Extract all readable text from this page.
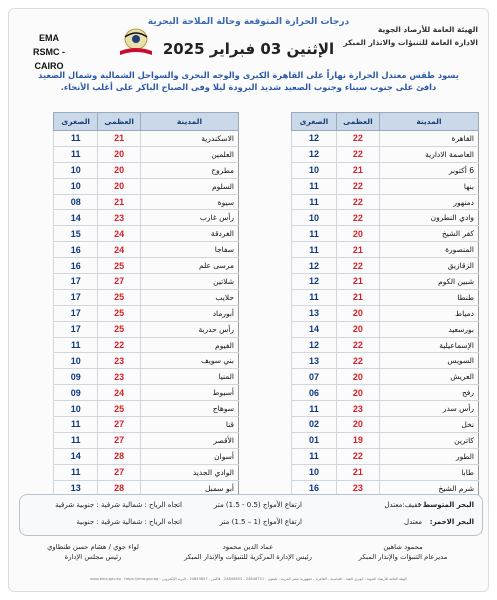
درجات الحرارة المتوقعة وحالة الملاحة البحرية
الإثنين 03 فبراير 2025
EMA
RSMC - CAIRO
الهيئة العامة للأرصاد الجوية
الادارة العامة للتنبؤات والانذار المبكر
يسود طقس معتدل الحرارة نهاراً على القاهرة الكبرى والوجه البحرى والسواحل الشمالية وشمال الصعيد
دافئ على جنوب سيناء وجنوب الصعيد شديد البرودة ليلا وفى الصباح الباكر على أغلب الأنحاء.
المدينة	العظمى	الصغرى
القاهرة	22	12
العاصمة الادارية	22	12
6 أكتوبر	21	10
بنها	22	11
دمنهور	22	11
وادي النطرون	22	10
كفر الشيخ	20	11
المنصورة	21	11
الزقازيق	22	12
شبين الكوم	21	12
طنطا	21	11
دمياط	20	13
بورسعيد	20	14
الإسماعيلية	22	12
السويس	22	13
العريش	20	07
رفح	20	06
رأس سدر	23	11
نخل	20	02
كاترين	19	01
الطور	22	11
طابا	21	10
شرم الشيخ	23	16
المدينة	العظمى	الصغرى
الاسكندرية	21	11
العلمين	20	11
مطروح	20	10
السلوم	20	10
سيوة	21	08
رأس غارب	23	14
الغردقة	24	15
سفاجا	24	16
مرسى علم	25	16
شلاتين	27	17
حلايب	25	17
أبورماد	25	17
رأس حدربة	25	17
الفيوم	22	11
بني سويف	23	10
المنيا	23	09
أسيوط	24	09
سوهاج	25	10
قنا	27	11
الأقصر	27	11
أسوان	28	14
الوادي الجديد	27	11
أبو سمبل	28	13
البحر المتوسط :
خفيف:معتدل
ارتفاع الأمواج (0.5 - 1.5) متر
اتجاه الرياح : شمالية شرقية : جنوبية شرقية
البحر الاحمر:
معتدل
ارتفاع الأمواج (1 – 1.5) متر
اتجاه الرياح : شمالية شرقية : جنوبية
محمود شاهين
مديرعام التنبؤات والإنذار المبكر
عماد الدين محمود
رئيس الإدارة المركزية للتنبؤات والإنذار المبكر
لواء جوي / هشام حسن طنطاوي
رئيس مجلس الإدارة
الهيئة العامة للأرصاد الجوية - كوبري القبة - العباسية - القاهرة - جمهورية مصر العربية - تليفون : 24846751 - 24849853 - فاكس : 24849857 - البريد الإلكتروني : www.ema.gov.eg - https://ema.gov.eg
